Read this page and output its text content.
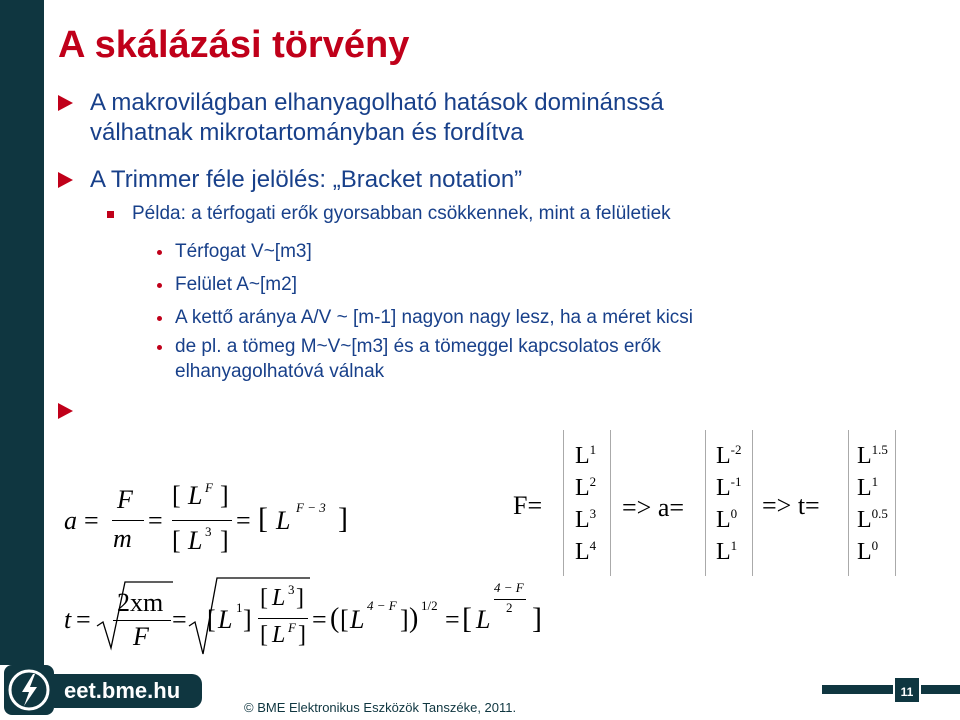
A skálázási törvény
A makrovilágban elhanyagolható hatások dominánssá
válhatnak mikrotartományban és fordítva
A Trimmer féle jelölés: „Bracket notation”
Példa: a térfogati erők gyorsabban csökkennek, mint a felületiek
Térfogat V~[m3]
Felület A~[m2]
A kettő aránya A/V ~ [m-1] nagyon nagy lesz, ha a méret kicsi
de pl. a tömeg M~V~[m3] és a tömeggel kapcsolatos erők
elhanyagolhatóvá válnak
a =
F
m
=
[ L F ]
[ L 3 ]
= [ L F − 3 ]
t =
2xm
F
= [ L 1 ]
[ L 3 ]
[ L F ]
= ( [ L 4 − F ] ) 1/2 = [ L
4 − F
2 ]
F=
$L^1$
$L^2$
$L^3$
$L^4$
=> a=
$L^{-2}$
$L^{-1}$
$L^0$
$L^1$
=> t=
$L^{1.5}$
$L^1$
$L^{0.5}$
$L^0$
eet.bme.hu
© BME Elektronikus Eszközök Tanszéke, 2011.
11
